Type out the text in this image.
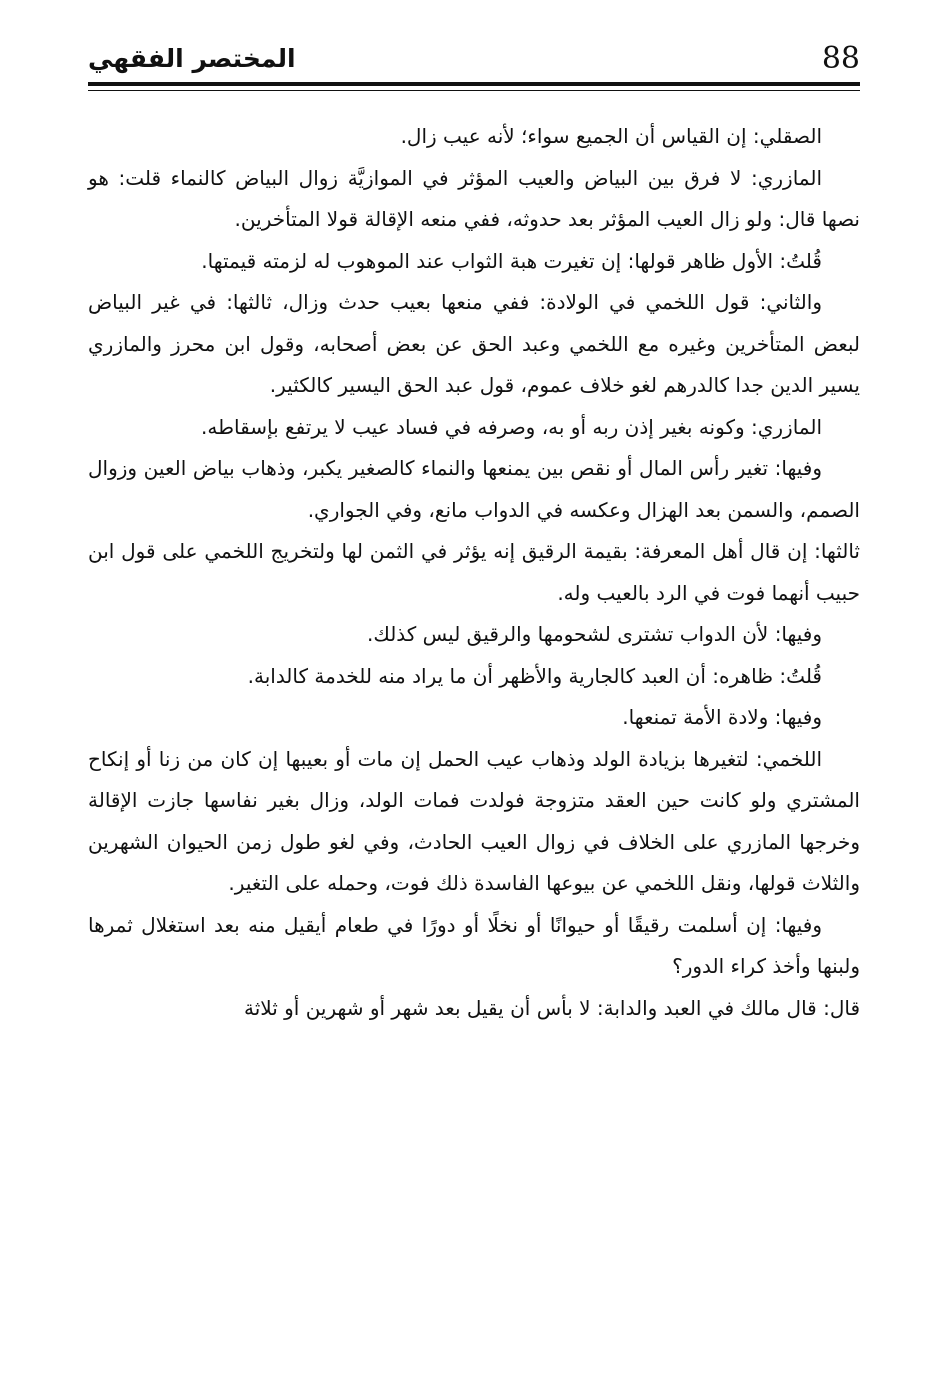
88
المختصر الفقهي

الصقلي: إن القياس أن الجميع سواء؛ لأنه عيب زال.

المازري: لا فرق بين البياض والعيب المؤثر في الموازيَّة زوال البياض كالنماء قلت: هو نصها قال: ولو زال العيب المؤثر بعد حدوثه، ففي منعه الإقالة قولا المتأخرين.

قُلتُ: الأول ظاهر قولها: إن تغيرت هبة الثواب عند الموهوب له لزمته قيمتها.

والثاني: قول اللخمي في الولادة: ففي منعها بعيب حدث وزال، ثالثها: في غير البياض لبعض المتأخرين وغيره مع اللخمي وعبد الحق عن بعض أصحابه، وقول ابن محرز والمازري يسير الدين جدا كالدرهم لغو خلاف عموم، قول عبد الحق اليسير كالكثير.

المازري: وكونه بغير إذن ربه أو به، وصرفه في فساد عيب لا يرتفع بإسقاطه.

وفيها: تغير رأس المال أو نقص بين يمنعها والنماء كالصغير يكبر، وذهاب بياض العين وزوال الصمم، والسمن بعد الهزال وعكسه في الدواب مانع، وفي الجواري.

ثالثها: إن قال أهل المعرفة: بقيمة الرقيق إنه يؤثر في الثمن لها ولتخريج اللخمي على قول ابن حبيب أنهما فوت في الرد بالعيب وله.

وفيها: لأن الدواب تشترى لشحومها والرقيق ليس كذلك.

قُلتُ: ظاهره: أن العبد كالجارية والأظهر أن ما يراد منه للخدمة كالدابة.

وفيها: ولادة الأمة تمنعها.

اللخمي: لتغيرها بزيادة الولد وذهاب عيب الحمل إن مات أو بعيبها إن كان من زنا أو إنكاح المشتري ولو كانت حين العقد متزوجة فولدت فمات الولد، وزال بغير نفاسها جازت الإقالة وخرجها المازري على الخلاف في زوال العيب الحادث، وفي لغو طول زمن الحيوان الشهرين والثلاث قولها، ونقل اللخمي عن بيوعها الفاسدة ذلك فوت، وحمله على التغير.

وفيها: إن أسلمت رقيقًا أو حيوانًا أو نخلًا أو دورًا في طعام أيقيل منه بعد استغلال ثمرها ولبنها وأخذ كراء الدور؟

قال: قال مالك في العبد والدابة: لا بأس أن يقيل بعد شهر أو شهرين أو ثلاثة
